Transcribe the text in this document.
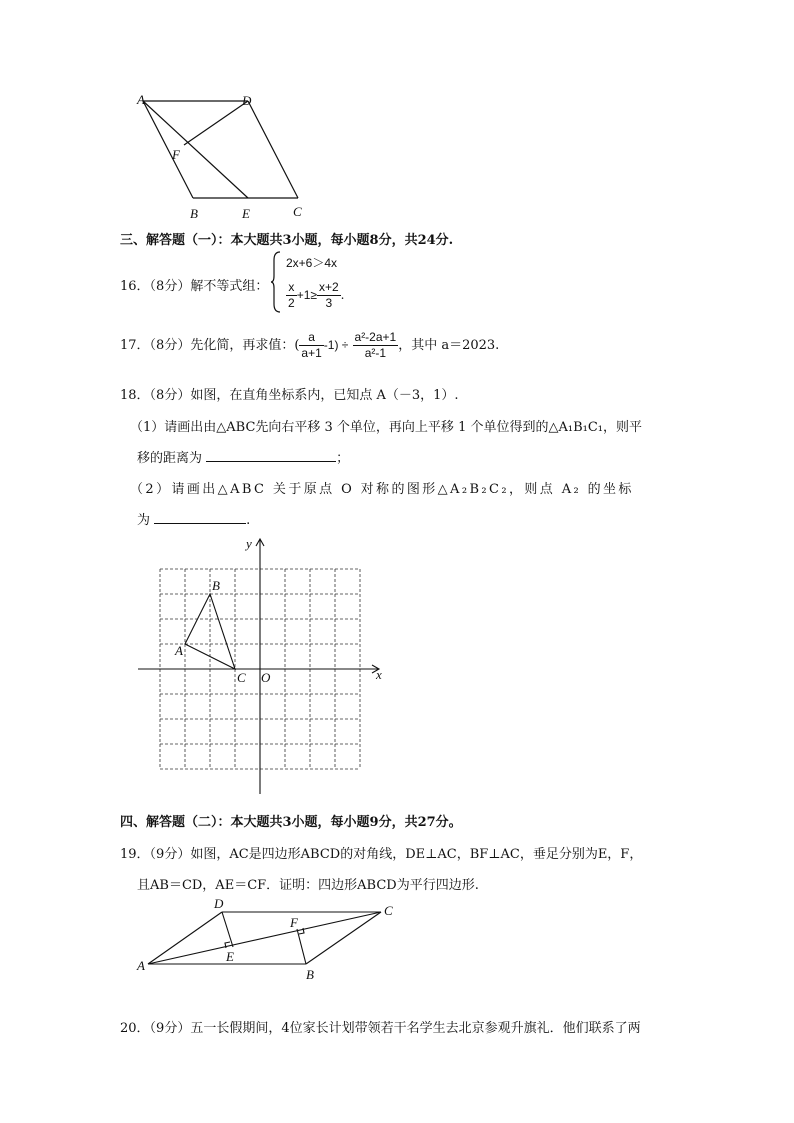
A	D
F
B	E	C
三、解答题（一）：本大题共3小题，每小题8分，共24分.
16．（8分）解不等式组：
2x+6＞4x
$\frac{x}{2} +1\ge \frac{x+2}{3}$ .
17．（8分）先化简，再求值：( $\frac{a}{a+1} -1) \div \frac{\text{a²-2a+1}}{\text{a²-1}}$ ，其中 a＝2023.
18．（8分）如图，在直角坐标系内，已知点 A（－3，1）.
（1）请画出由△ABC先向右平移 3 个单位，再向上平移 1 个单位得到的△A₁B₁C₁，则平
移的距离为	；
（2）请画出△ABC 关于原点 O 对称的图形△A₂B₂C₂，则点 A₂ 的坐标
为	.
y
x
A
B
C O
四、解答题（二）：本大题共3小题，每小题9分，共27分。
19．（9分）如图，AC是四边形ABCD的对角线，DE⊥AC，BF⊥AC，垂足分别为E，F，
且AB＝CD，AE＝CF．证明：四边形ABCD为平行四边形.
D	C
F
A
E
B
20．（9分）五一长假期间，4位家长计划带领若干名学生去北京参观升旗礼．他们联系了两
